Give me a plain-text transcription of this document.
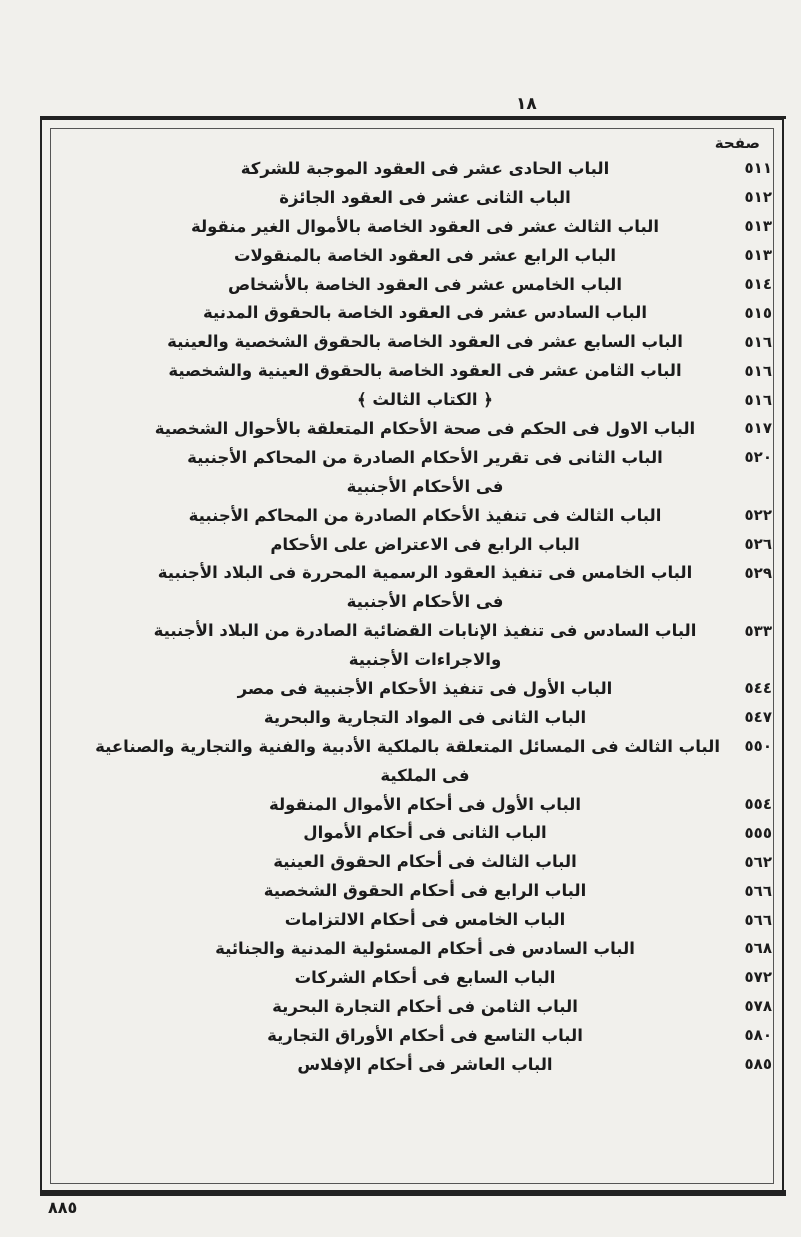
١٨
صفحة
٥١١
الباب الحادى عشر فى العقود الموجبة للشركة
٥١٢
الباب الثانى عشر فى العقود الجائزة
٥١٣
الباب الثالث عشر فى العقود الخاصة بالأموال الغير منقولة
٥١٣
الباب الرابع عشر فى العقود الخاصة بالمنقولات
٥١٤
الباب الخامس عشر فى العقود الخاصة بالأشخاص
٥١٥
الباب السادس عشر فى العقود الخاصة بالحقوق المدنية
٥١٦
الباب السابع عشر فى العقود الخاصة بالحقوق الشخصية والعينية
٥١٦
الباب الثامن عشر فى العقود الخاصة بالحقوق العينية والشخصية
٥١٦
﴿ الكتاب الثالث ﴾
٥١٧
الباب الاول فى الحكم فى صحة الأحكام المتعلقة بالأحوال الشخصية
٥٢٠
الباب الثانى فى تقرير الأحكام الصادرة من المحاكم الأجنبية
فى الأحكام الأجنبية
٥٢٢
الباب الثالث فى تنفيذ الأحكام الصادرة من المحاكم الأجنبية
٥٢٦
الباب الرابع فى الاعتراض على الأحكام
٥٢٩
الباب الخامس فى تنفيذ العقود الرسمية المحررة فى البلاد الأجنبية
فى الأحكام الأجنبية
٥٣٣
الباب السادس فى تنفيذ الإنابات القضائية الصادرة من البلاد الأجنبية
والاجراءات الأجنبية
٥٤٤
الباب الأول فى تنفيذ الأحكام الأجنبية فى مصر
٥٤٧
الباب الثانى فى المواد التجارية والبحرية
٥٥٠
الباب الثالث فى المسائل المتعلقة بالملكية الأدبية والفنية والتجارية والصناعية
فى الملكية
٥٥٤
الباب الأول فى أحكام الأموال المنقولة
٥٥٥
الباب الثانى فى أحكام الأموال
٥٦٢
الباب الثالث فى أحكام الحقوق العينية
٥٦٦
الباب الرابع فى أحكام الحقوق الشخصية
٥٦٦
الباب الخامس فى أحكام الالتزامات
٥٦٨
الباب السادس فى أحكام المسئولية المدنية والجنائية
٥٧٢
الباب السابع فى أحكام الشركات
٥٧٨
الباب الثامن فى أحكام التجارة البحرية
٥٨٠
الباب التاسع فى أحكام الأوراق التجارية
٥٨٥
الباب العاشر فى أحكام الإفلاس
٨٨٥
